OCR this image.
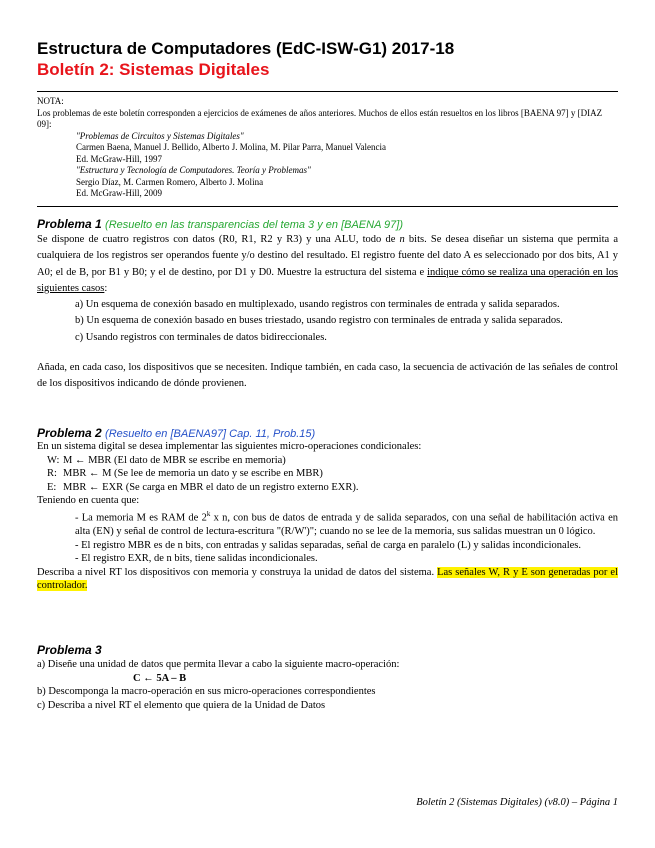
Estructura de Computadores (EdC-ISW-G1) 2017-18
Boletín 2: Sistemas Digitales
NOTA:
Los problemas de este boletín corresponden a ejercicios de exámenes de años anteriores. Muchos de ellos están resueltos en los libros [BAENA 97] y [DIAZ 09]:
"Problemas de Circuitos y Sistemas Digitales"
Carmen Baena, Manuel J. Bellido, Alberto J. Molina, M. Pilar Parra, Manuel Valencia
Ed. McGraw-Hill, 1997
"Estructura y Tecnología de Computadores. Teoría y Problemas"
Sergio Díaz, M. Carmen Romero, Alberto J. Molina
Ed. McGraw-Hill, 2009
Problema 1 (Resuelto en las transparencias del tema 3 y en [BAENA 97])

Se dispone de cuatro registros con datos (R0, R1, R2 y R3) y una ALU, todo de n bits. Se desea diseñar un sistema que permita a cualquiera de los registros ser operandos fuente y/o destino del resultado. El registro fuente del dato A es seleccionado por dos bits, A1 y A0; el de B, por B1 y B0; y el de destino, por D1 y D0. Muestre la estructura del sistema e indique cómo se realiza una operación en los siguientes casos:

a) Un esquema de conexión basado en multiplexado, usando registros con terminales de entrada y salida separados.

b) Un esquema de conexión basado en buses triestado, usando registro con terminales de entrada y salida separados.

c) Usando registros con terminales de datos bidireccionales.

Añada, en cada caso, los dispositivos que se necesiten. Indique también, en cada caso, la secuencia de activación de las señales de control de los dispositivos indicando de dónde provienen.

Problema 2 (Resuelto en [BAENA97] Cap. 11, Prob.15)

En un sistema digital se desea implementar las siguientes micro-operaciones condicionales:

W: M ← MBR (El dato de MBR se escribe en memoria)

R: MBR ← M (Se lee de memoria un dato y se escribe en MBR)

E: MBR ← EXR (Se carga en MBR el dato de un registro externo EXR).

Teniendo en cuenta que:

- La memoria M es RAM de 2$^k$ x n, con bus de datos de entrada y de salida separados, con una señal de habilitación activa en alta (EN) y señal de control de lectura-escritura "(R/W')"; cuando no se lee de la memoria, sus salidas muestran un 0 lógico.

- El registro MBR es de n bits, con entradas y salidas separadas, señal de carga en paralelo (L) y salidas incondicionales.

- El registro EXR, de n bits, tiene salidas incondicionales.

Describa a nivel RT los dispositivos con memoria y construya la unidad de datos del sistema. Las señales W, R y E son generadas por el controlador.

Problema 3

a) Diseñe una unidad de datos que permita llevar a cabo la siguiente macro-operación:

C ← 5A – B

b) Descomponga la macro-operación en sus micro-operaciones correspondientes

c) Describa a nivel RT el elemento que quiera de la Unidad de Datos

Boletín 2 (Sistemas Digitales) (v8.0) – Página 1
